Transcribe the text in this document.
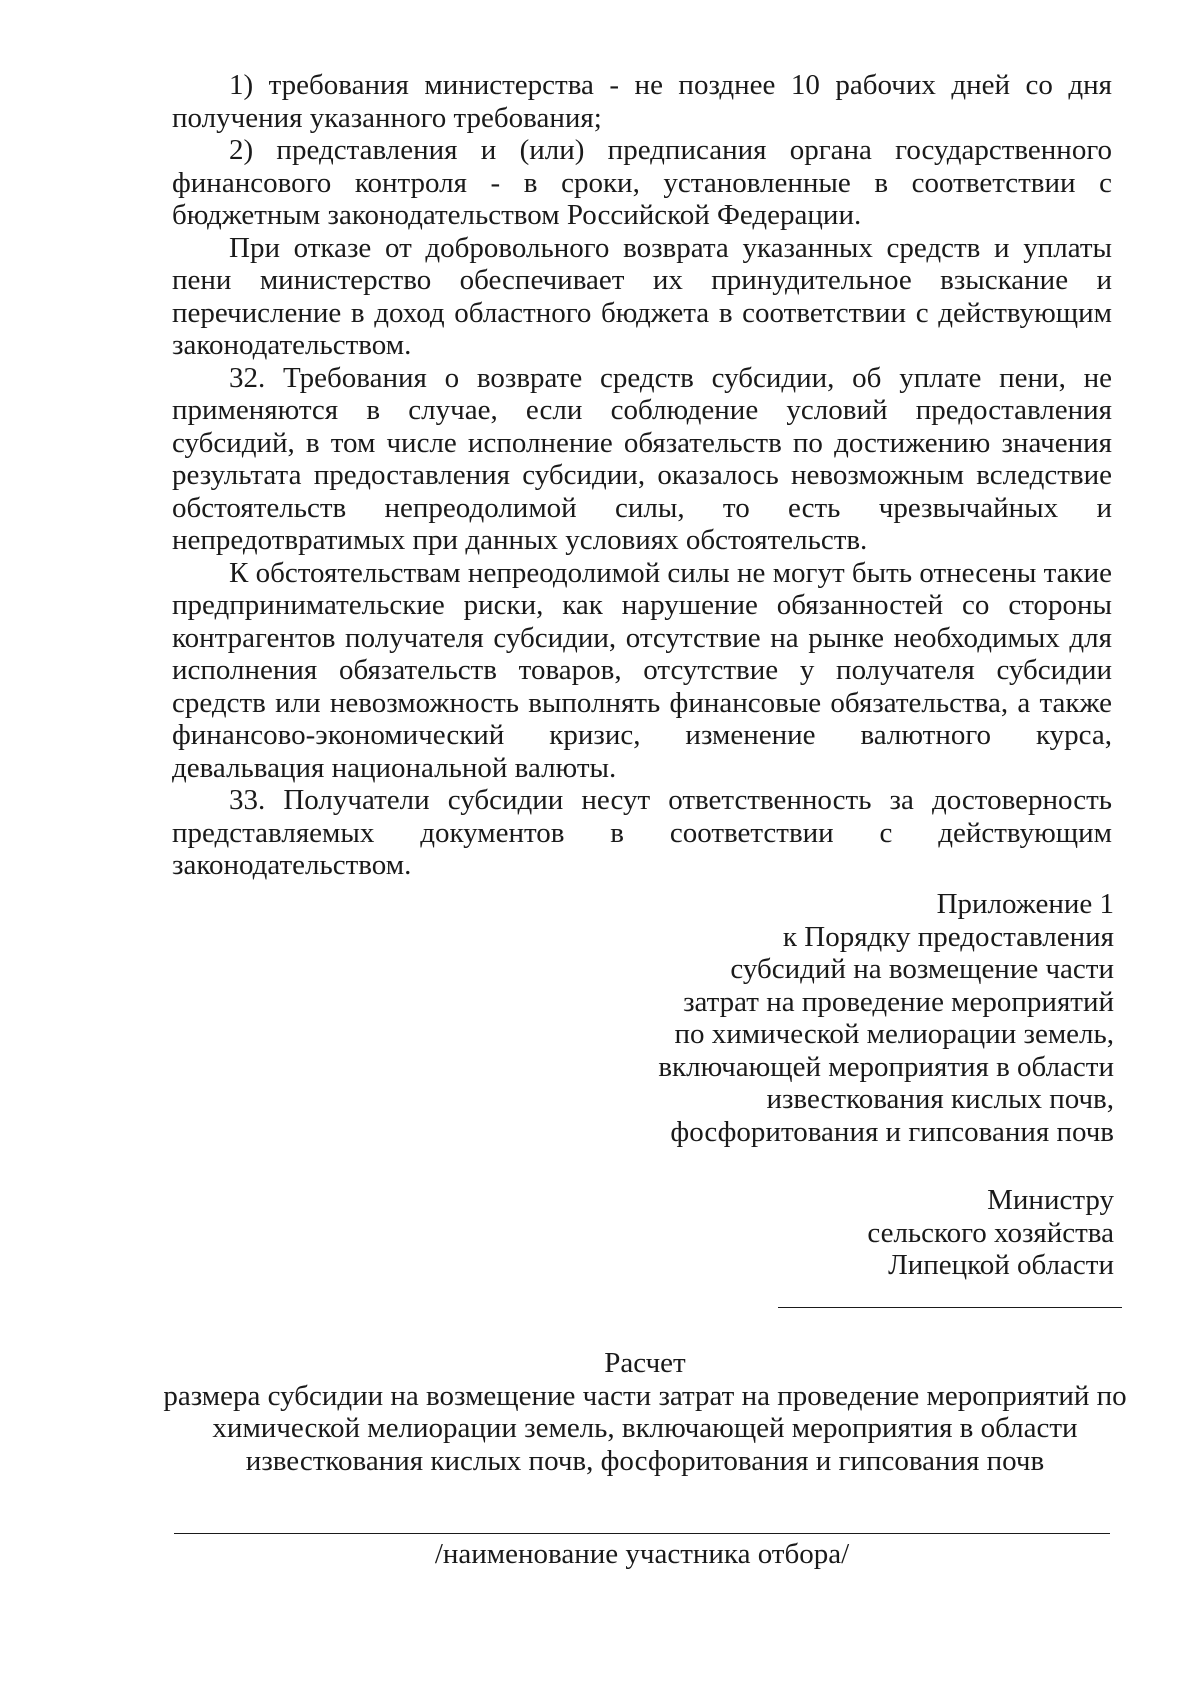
1) требования министерства - не позднее 10 рабочих дней со дня получения указанного требования;

2) представления и (или) предписания органа государственного финансового контроля - в сроки, установленные в соответствии с бюджетным законодательством Российской Федерации.

При отказе от добровольного возврата указанных средств и уплаты пени министерство обеспечивает их принудительное взыскание и перечисление в доход областного бюджета в соответствии с действующим законодательством.

32. Требования о возврате средств субсидии, об уплате пени, не применяются в случае, если соблюдение условий предоставления субсидий, в том числе исполнение обязательств по достижению значения результата предоставления субсидии, оказалось невозможным вследствие обстоятельств непреодолимой силы, то есть чрезвычайных и непредотвратимых при данных условиях обстоятельств.

К обстоятельствам непреодолимой силы не могут быть отнесены такие предпринимательские риски, как нарушение обязанностей со стороны контрагентов получателя субсидии, отсутствие на рынке необходимых для исполнения обязательств товаров, отсутствие у получателя субсидии средств или невозможность выполнять финансовые обязательства, а также финансово-экономический кризис, изменение валютного курса, девальвация национальной валюты.

33. Получатели субсидии несут ответственность за достоверность представляемых документов в соответствии с действующим законодательством.

Приложение 1
к Порядку предоставления
субсидий на возмещение части
затрат на проведение мероприятий
по химической мелиорации земель,
включающей мероприятия в области
известкования кислых почв,
фосфоритования и гипсования почв
Министру
сельского хозяйства
Липецкой области
Расчет
размера субсидии на возмещение части затрат на проведение мероприятий по
химической мелиорации земель, включающей мероприятия в области
известкования кислых почв, фосфоритования и гипсования почв
/наименование участника отбора/
